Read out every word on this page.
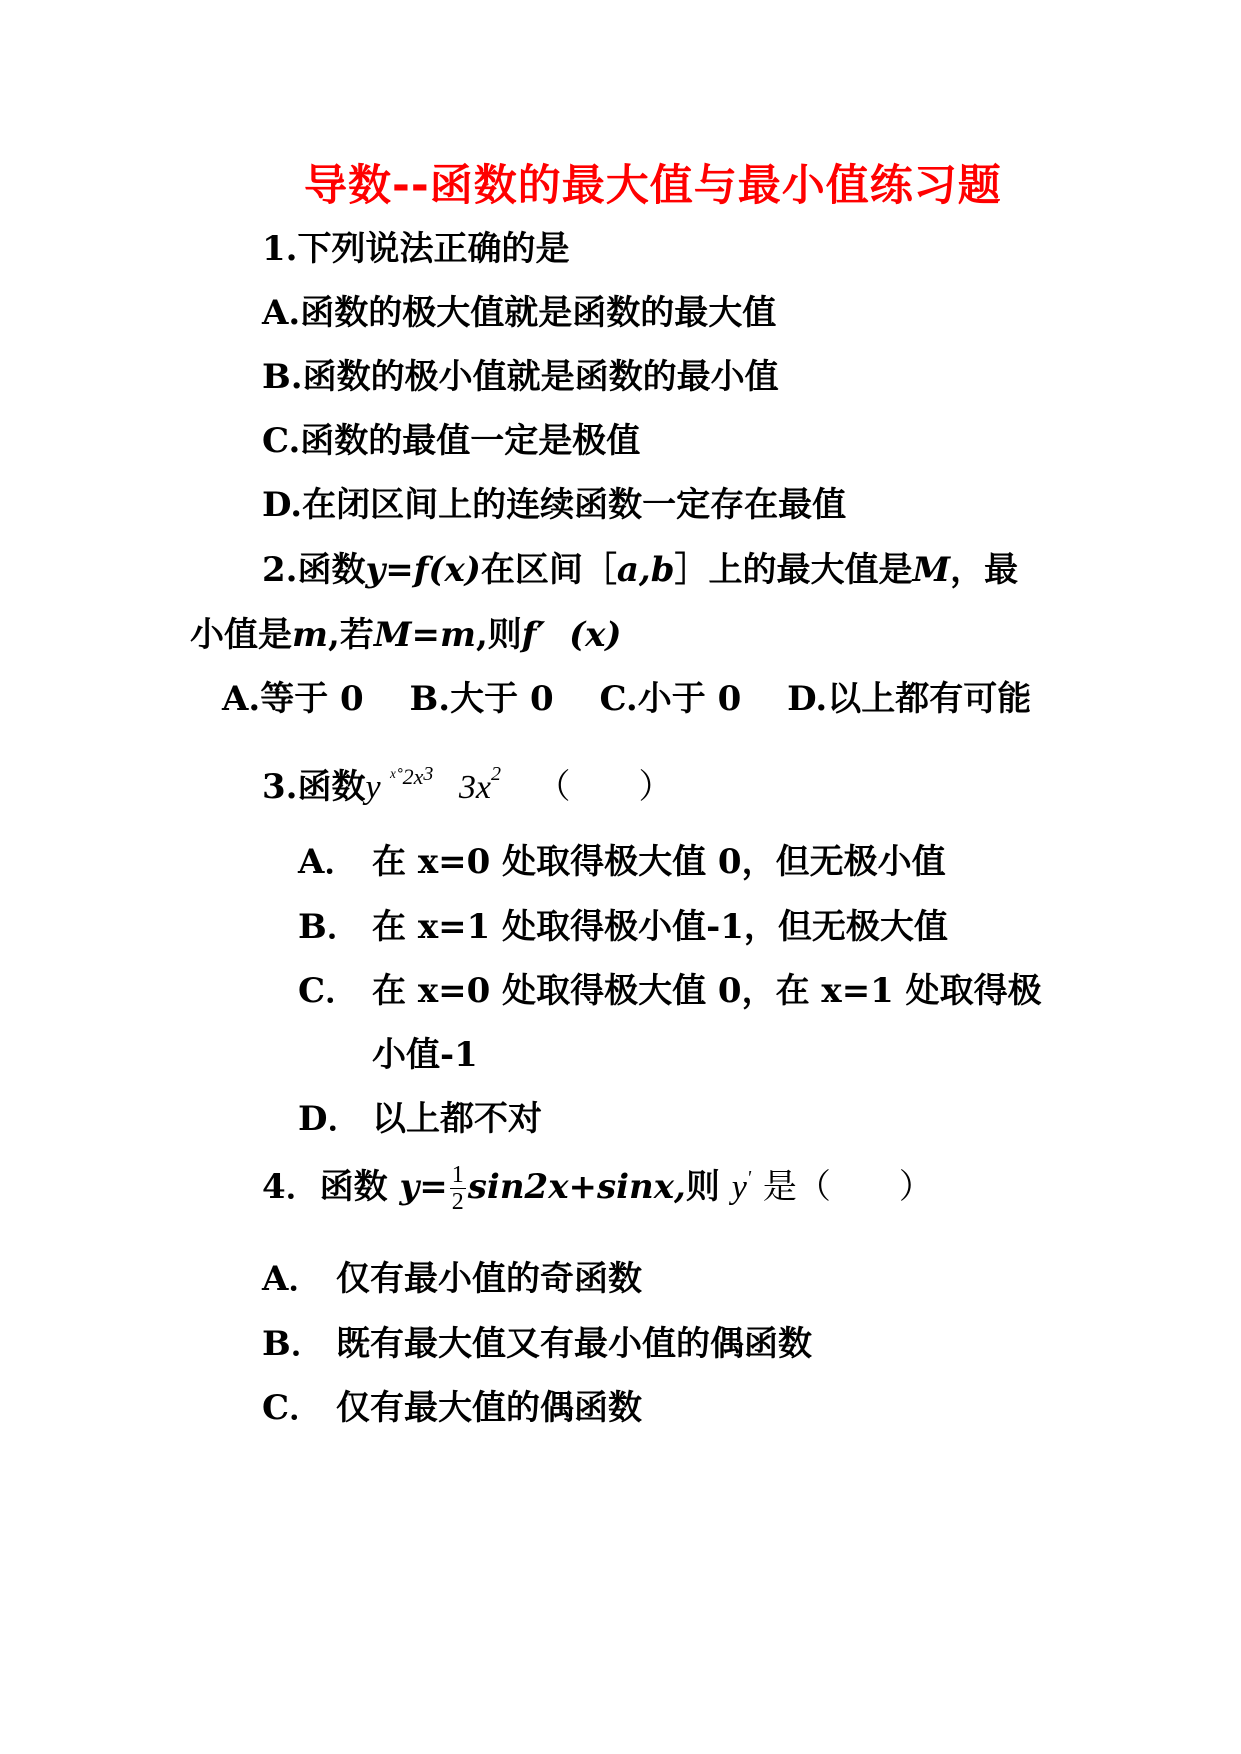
导数--函数的最大值与最小值练习题
1.下列说法正确的是
A.函数的极大值就是函数的最大值
B.函数的极小值就是函数的最小值
C.函数的最值一定是极值
D.在闭区间上的连续函数一定存在最值
2.函数y=f(x)在区间［a,b］上的最大值是M，最
小值是m,若M=m,则f′ (x)
A.等于 0　 B.大于 0　 C.小于 0　 D.以上都有可能
3.函数y $^{ˣ˚2x3}$ $3x^2$ （　　）
A． 在 x=0 处取得极大值 0，但无极小值
B． 在 x=1 处取得极小值-1，但无极大值
C． 在 x=0 处取得极大值 0，在 x=1 处取得极
小值-1
D． 以上都不对
4．函数 $y= \frac{1}{2} \sin 2x+\sin x$,则 y' 是（　　）
A． 仅有最小值的奇函数
B． 既有最大值又有最小值的偶函数
C． 仅有最大值的偶函数
